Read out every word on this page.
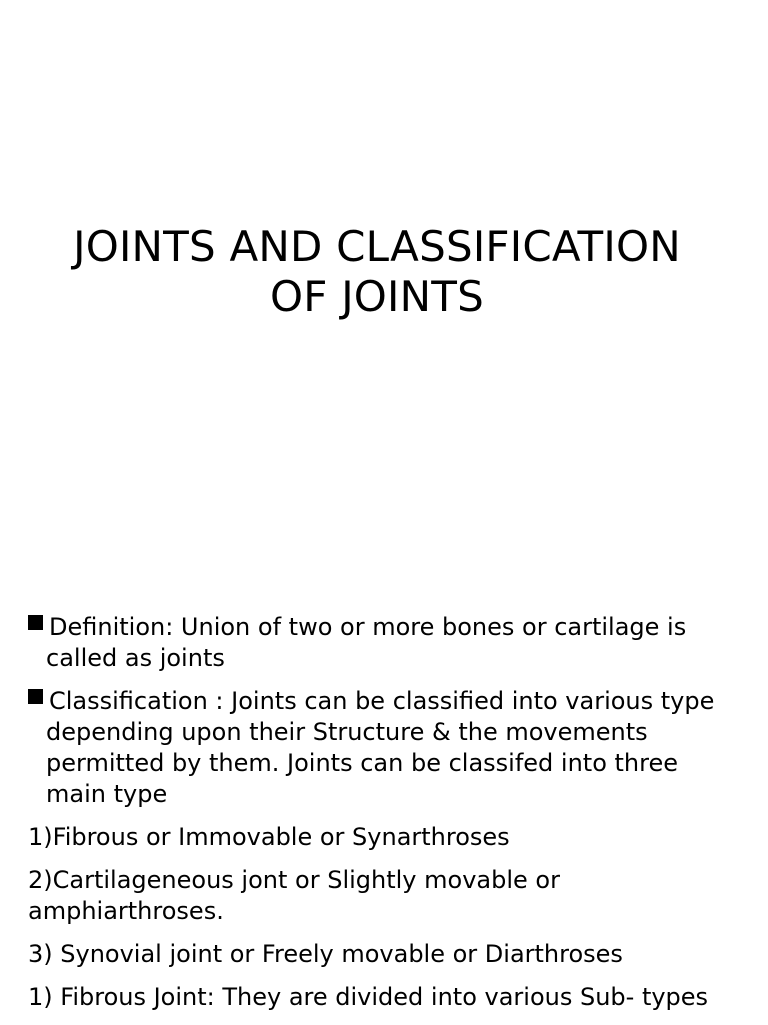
JOINTS AND CLASSIFICATION
OF JOINTS
Definition: Union of two or more bones or cartilage is
called as joints
Classification : Joints can be classified into various type
depending upon their Structure & the movements
permitted by them. Joints can be classifed into three
main type
1)Fibrous or Immovable or Synarthroses
2)Cartilageneous jont or Slightly movable or
amphiarthroses.
3) Synovial joint or Freely movable or Diarthroses
1) Fibrous Joint: They are divided into various Sub- types
